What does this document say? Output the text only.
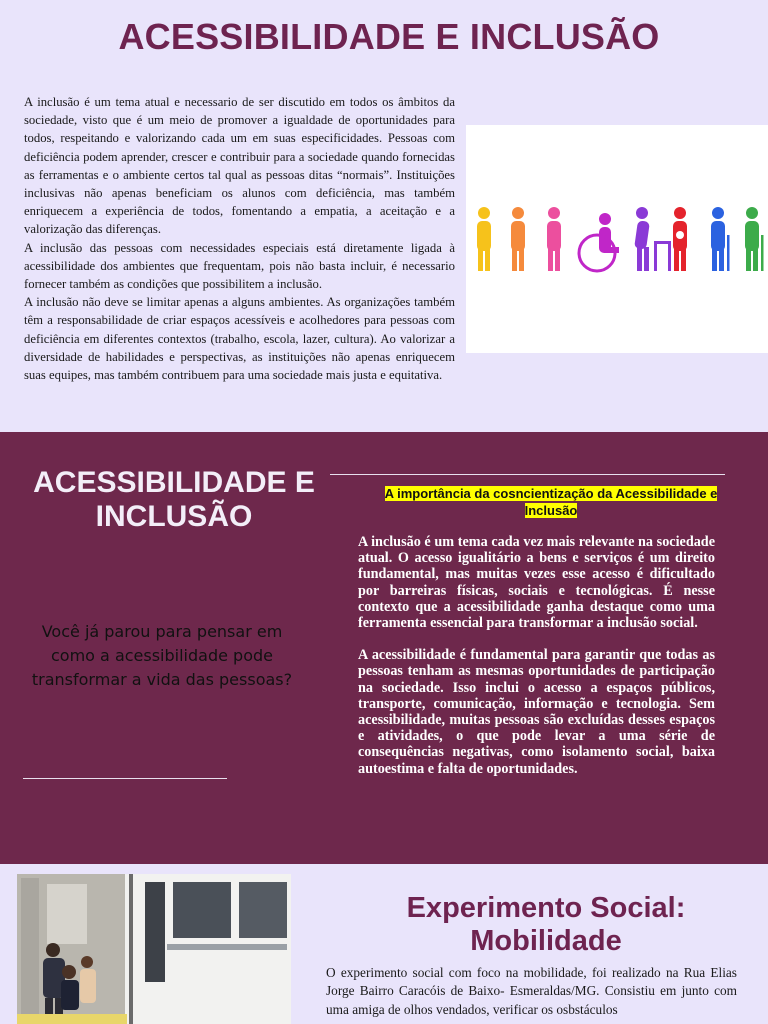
ACESSIBILIDADE E INCLUSÃO

A inclusão é um tema atual e necessario de ser discutido em todos os âmbitos da sociedade, visto que é um meio de promover a igualdade de oportunidades para todos, respeitando e valorizando cada um em suas especificidades. Pessoas com deficiência podem aprender, crescer e contribuir para a sociedade quando fornecidas as ferramentas e o ambiente certos tal qual as pessoas ditas “normais”. Instituições inclusivas não apenas beneficiam os alunos com deficiência, mas também enriquecem a experiência de todos, fomentando a empatia, a aceitação e a valorização das diferenças.

A inclusão das pessoas com necessidades especiais está diretamente ligada à acessibilidade dos ambientes que frequentam, pois não basta incluir, é necessario fornecer também as condições que possibilitem a inclusão.

A inclusão não deve se limitar apenas a alguns ambientes. As organizações também têm a responsabilidade de criar espaços acessíveis e acolhedores para pessoas com deficiência em diferentes contextos (trabalho, escola, lazer, cultura). Ao valorizar a diversidade de habilidades e perspectivas, as instituições não apenas enriquecem suas equipes, mas também contribuem para uma sociedade mais justa e equitativa.

ACESSIBILIDADE E INCLUSÃO

Você já parou para pensar em como a acessibilidade pode transformar a vida das pessoas?

A importância da cosncientização da Acessibilidade e Inclusão

A inclusão é um tema cada vez mais relevante na sociedade atual. O acesso igualitário a bens e serviços é um direito fundamental, mas muitas vezes esse acesso é dificultado por barreiras físicas, sociais e tecnológicas. É nesse contexto que a acessibilidade ganha destaque como uma ferramenta essencial para transformar a inclusão social.

A acessibilidade é fundamental para garantir que todas as pessoas tenham as mesmas oportunidades de participação na sociedade. Isso inclui o acesso a espaços públicos, transporte, comunicação, informação e tecnologia. Sem acessibilidade, muitas pessoas são excluídas desses espaços e atividades, o que pode levar a uma série de consequências negativas, como isolamento social, baixa autoestima e falta de oportunidades.

Experimento Social: Mobilidade

O experimento social com foco na mobilidade, foi realizado na Rua Elias Jorge Bairro Caracóis de Baixo- Esmeraldas/MG. Consistiu em junto com uma amiga de olhos vendados, verificar os osbstáculos
